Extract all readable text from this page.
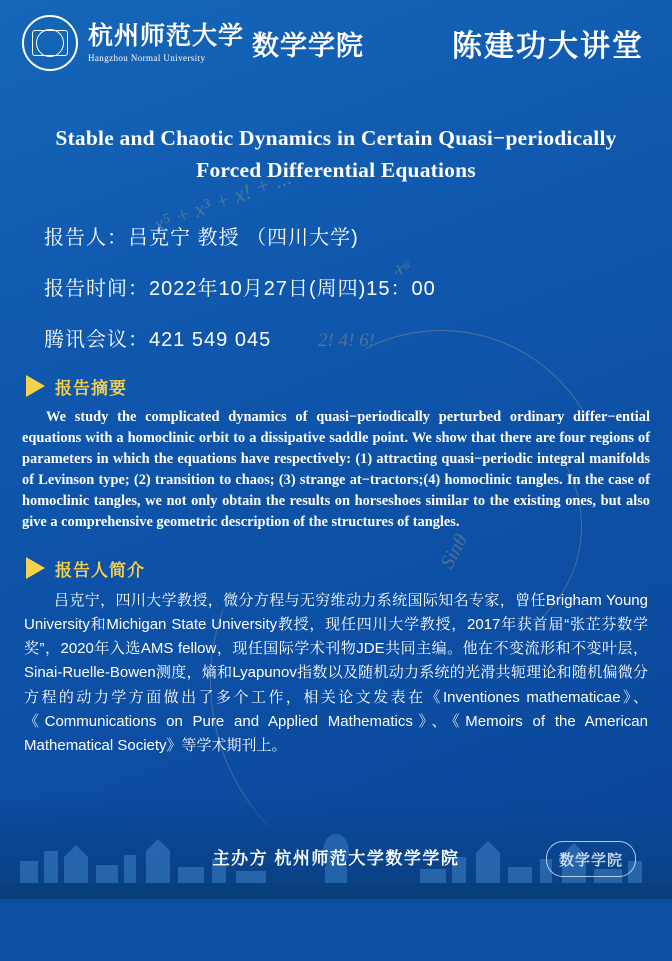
x⁵ + x³ + x! + ...
x⁶
2! 4! 6!
Sinθ
杭州师范大学
Hangzhou Normal University	数学学院	陈建功大讲堂
Stable and Chaotic Dynamics in Certain Quasi−periodically
Forced Differential Equations
报告人：吕克宁 教授 （四川大学)
报告时间：2022年10月27日(周四)15：00
腾讯会议：421 549 045
报告摘要
We study the complicated dynamics of quasi−periodically perturbed ordinary differ−ential equations with a homoclinic orbit to a dissipative saddle point. We show that there are four regions of parameters in which the equations have respectively: (1) attracting quasi−periodic integral manifolds of Levinson type; (2) transition to chaos; (3) strange at−tractors;(4) homoclinic tangles. In the case of homoclinic tangles, we not only obtain the results on horseshoes similar to the existing ones, but also give a comprehensive geometric description of the structures of tangles.
报告人简介
吕克宁，四川大学教授，微分方程与无穷维动力系统国际知名专家，曾任Brigham Young University和Michigan State University教授，现任四川大学教授，2017年获首届“张芷芬数学奖”，2020年入选AMS fellow，现任国际学术刊物JDE共同主编。他在不变流形和不变叶层，Sinai-Ruelle-Bowen测度，熵和Lyapunov指数以及随机动力系统的光滑共轭理论和随机偏微分方程的动力学方面做出了多个工作，相关论文发表在《Inventiones mathematicae》、《Communications on Pure and Applied Mathematics》、《Memoirs of the American Mathematical Society》等学术期刊上。
主办方 杭州师范大学数学学院	数学学院
